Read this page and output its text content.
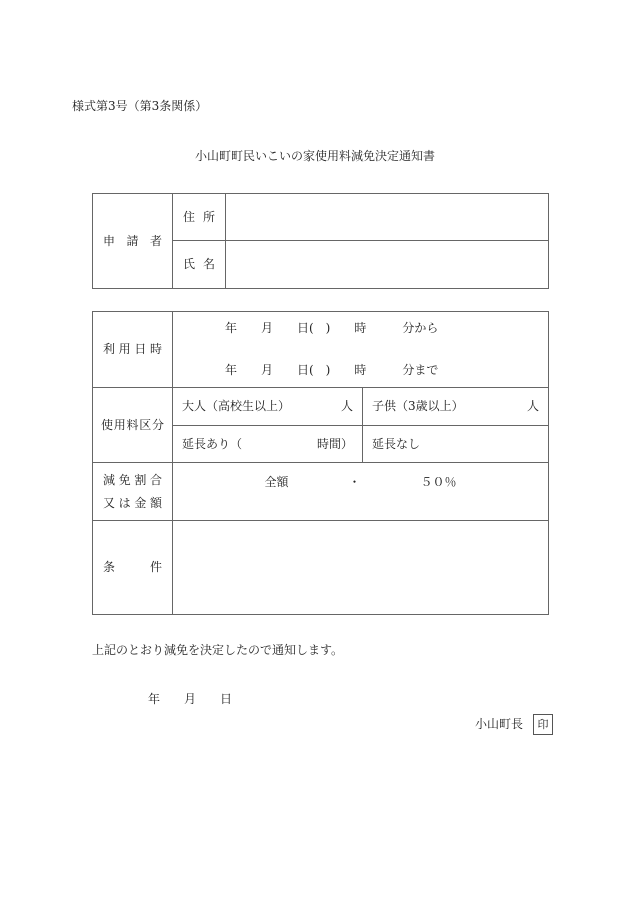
様式第3号（第3条関係）
小山町町民いこいの家使用料減免決定通知書
申請者	住所	
	氏名	
利用日時	年　　月　　日(　)　　時　　　分から
年　　月　　日(　)　　時　　　分まで	

使用料区分	大人（高校生以上） 人	子供（3歳以上） 人

	延長あり（ 時間）	延長なし

減免割合
又は金額	全額　　　　　・　　　　　５０％	
条件		
上記のとおり減免を決定したので通知します。
年　　月　　日
小山町長	印
